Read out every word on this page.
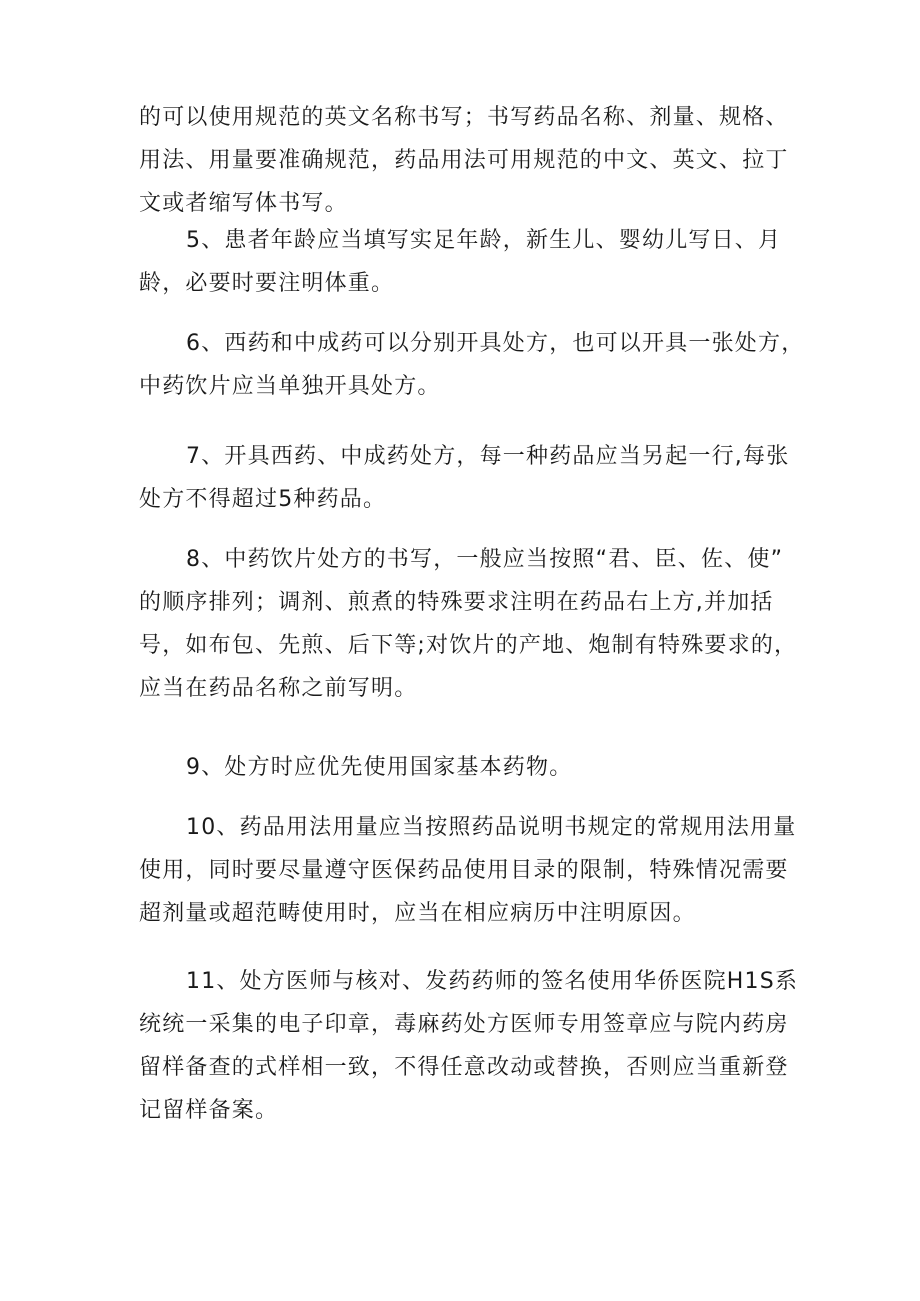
的可以使用规范的英文名称书写；书写药品名称、剂量、规格、
用法、用量要准确规范，药品用法可用规范的中文、英文、拉丁
文或者缩写体书写。

5、患者年龄应当填写实足年龄，新生儿、婴幼儿写日、月
龄，必要时要注明体重。

6、西药和中成药可以分别开具处方，也可以开具一张处方，
中药饮片应当单独开具处方。

7、开具西药、中成药处方，每一种药品应当另起一行,每张
处方不得超过5种药品。

8、中药饮片处方的书写，一般应当按照“君、臣、佐、使”
的顺序排列；调剂、煎煮的特殊要求注明在药品右上方,并加括
号，如布包、先煎、后下等;对饮片的产地、炮制有特殊要求的，
应当在药品名称之前写明。

9、处方时应优先使用国家基本药物。

10、药品用法用量应当按照药品说明书规定的常规用法用量
使用，同时要尽量遵守医保药品使用目录的限制，特殊情况需要
超剂量或超范畴使用时，应当在相应病历中注明原因。

11、处方医师与核对、发药药师的签名使用华侨医院H1S系
统统一采集的电子印章，毒麻药处方医师专用签章应与院内药房
留样备查的式样相一致，不得任意改动或替换，否则应当重新登
记留样备案。
